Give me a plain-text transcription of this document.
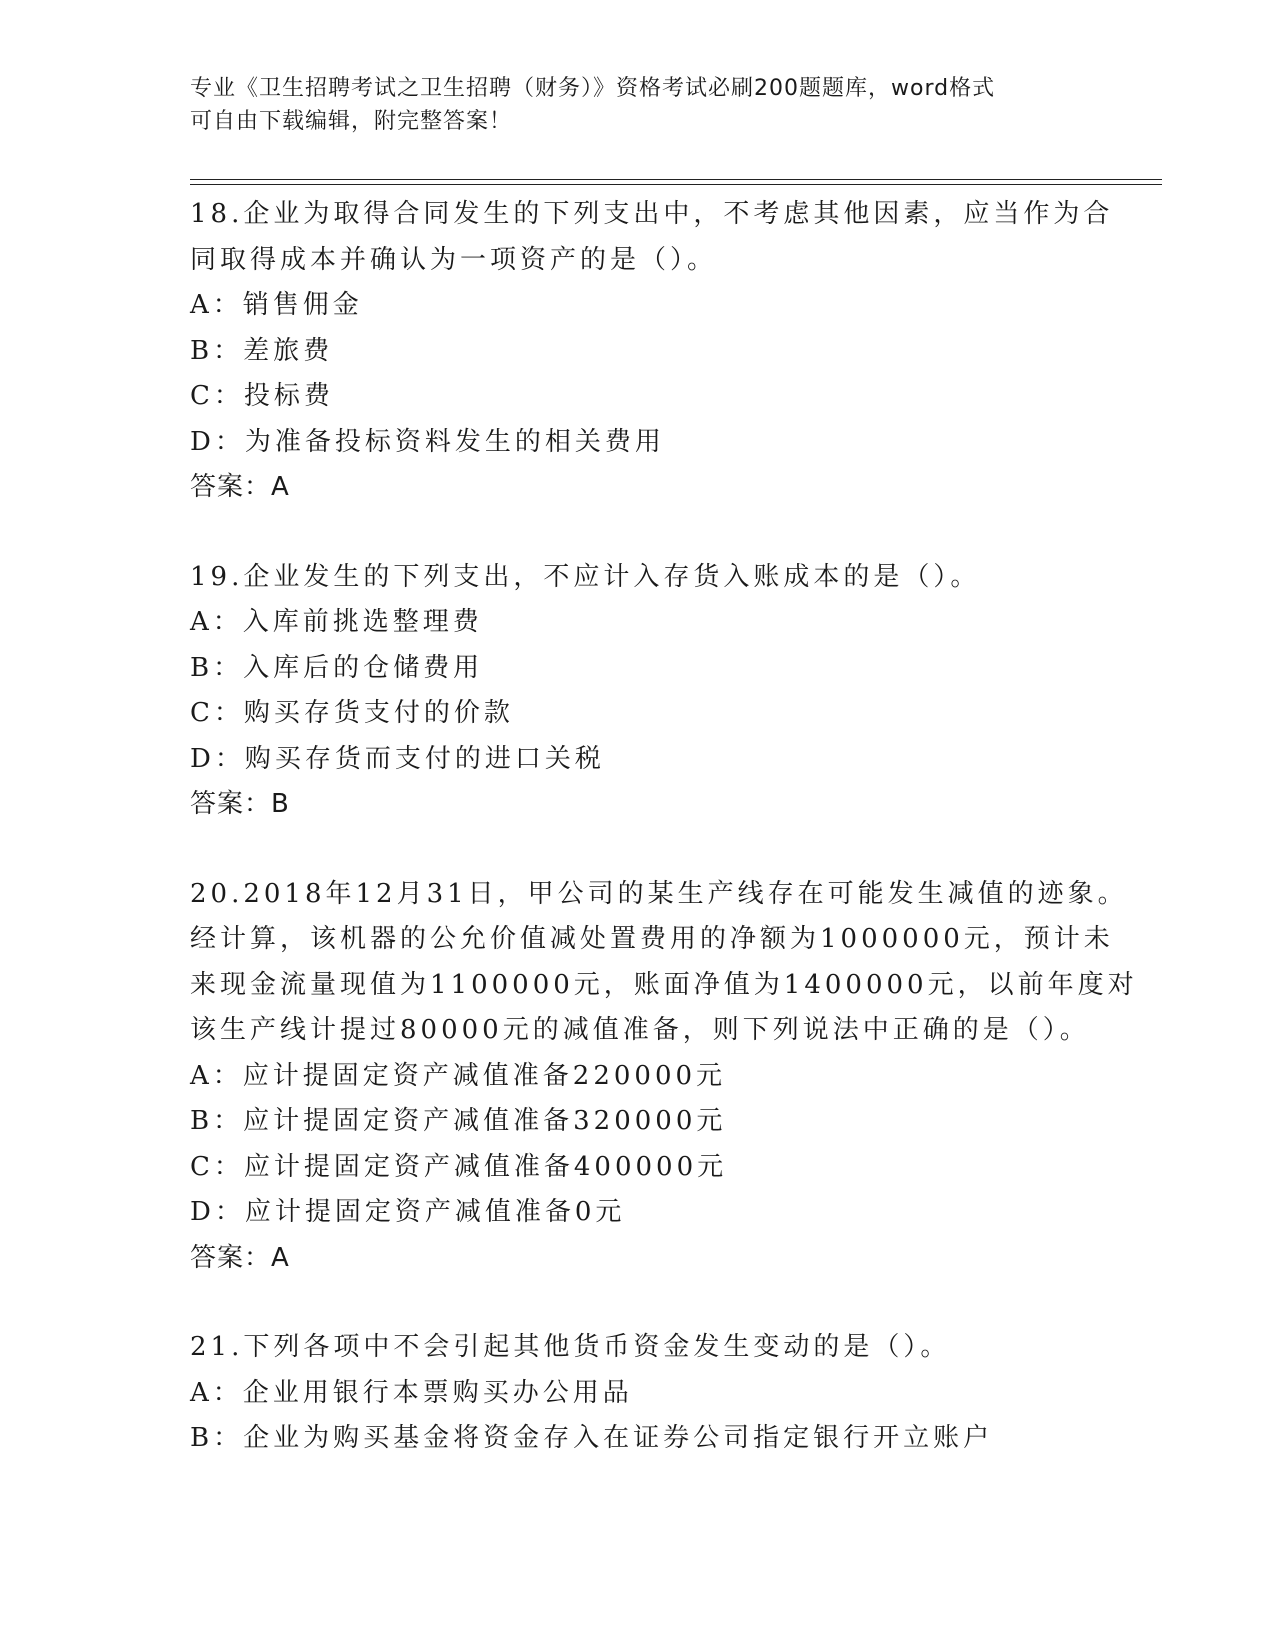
专业《卫生招聘考试之卫生招聘（财务）》资格考试必刷200题题库，word格式
可自由下载编辑，附完整答案！
18.企业为取得合同发生的下列支出中，不考虑其他因素，应当作为合
同取得成本并确认为一项资产的是（）。
A：销售佣金
B：差旅费
C：投标费
D：为准备投标资料发生的相关费用
答案：A
19.企业发生的下列支出，不应计入存货入账成本的是（）。
A：入库前挑选整理费
B：入库后的仓储费用
C：购买存货支付的价款
D：购买存货而支付的进口关税
答案：B
20.2018年12月31日，甲公司的某生产线存在可能发生减值的迹象。
经计算，该机器的公允价值减处置费用的净额为1000000元，预计未
来现金流量现值为1100000元，账面净值为1400000元，以前年度对
该生产线计提过80000元的减值准备，则下列说法中正确的是（）。
A：应计提固定资产减值准备220000元
B：应计提固定资产减值准备320000元
C：应计提固定资产减值准备400000元
D：应计提固定资产减值准备0元
答案：A
21.下列各项中不会引起其他货币资金发生变动的是（）。
A：企业用银行本票购买办公用品
B：企业为购买基金将资金存入在证券公司指定银行开立账户
